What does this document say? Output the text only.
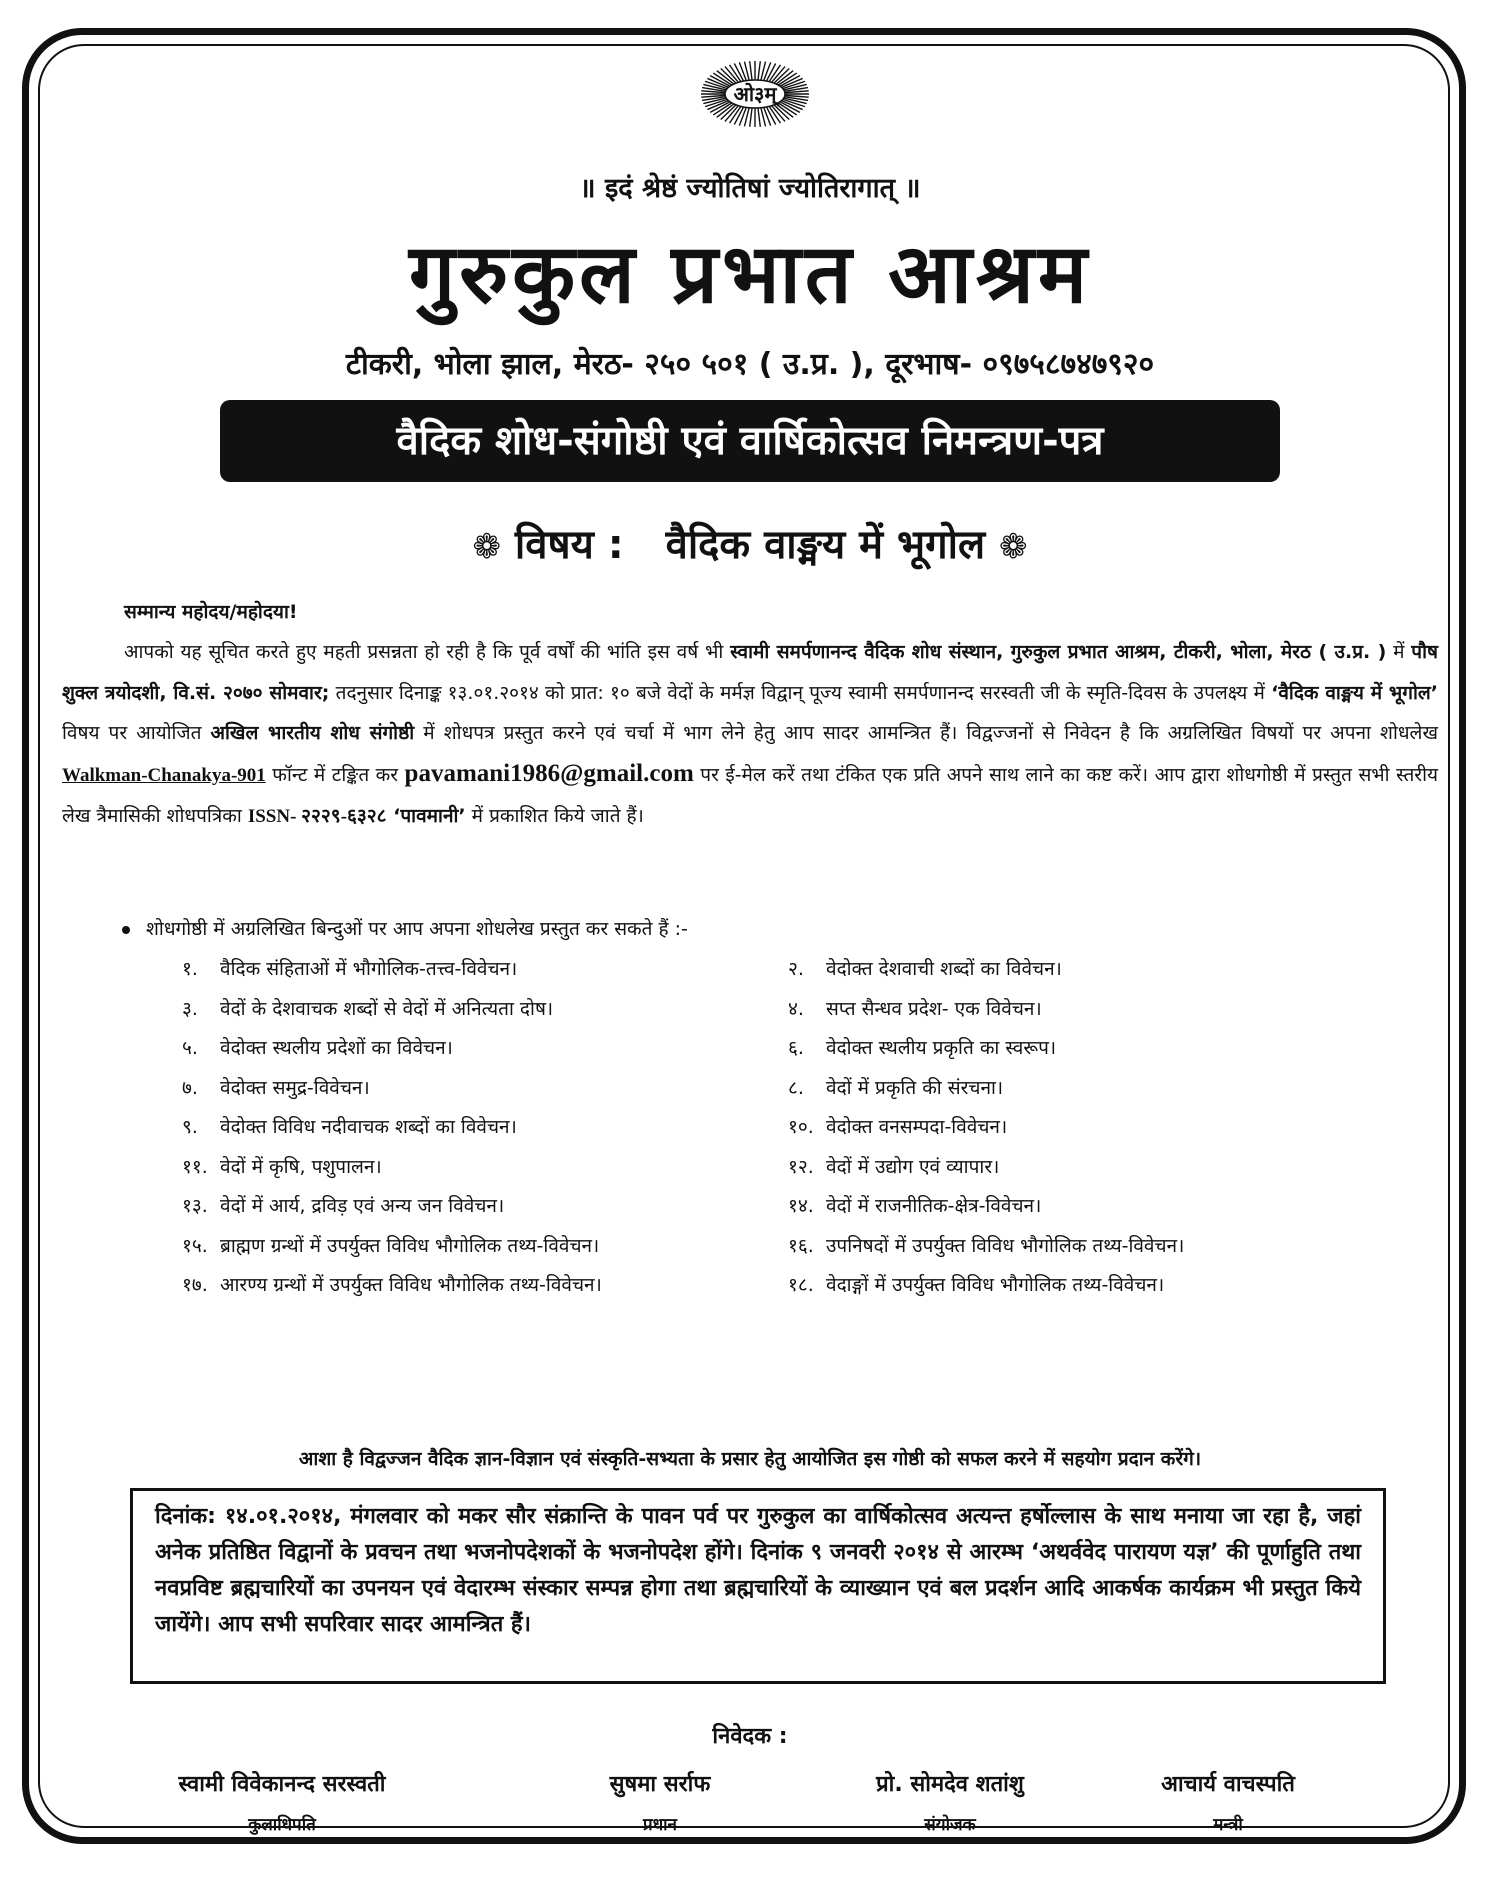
ओ३म्
॥ इदं श्रेष्ठं ज्योतिषां ज्योतिरागात् ॥
गुरुकुल प्रभात आश्रम
टीकरी, भोला झाल, मेरठ- २५० ५०१ ( उ.प्र. ), दूरभाष- ०९७५८७४७९२०
वैदिक शोध-संगोष्ठी एवं वार्षिकोत्सव निमन्त्रण-पत्र
❁ विषय : वैदिक वाङ्मय में भूगोल ❁
सम्मान्य महोदय/महोदया!
आपको यह सूचित करते हुए महती प्रसन्नता हो रही है कि पूर्व वर्षों की भांति इस वर्ष भी स्वामी समर्पणानन्द वैदिक शोध संस्थान, गुरुकुल प्रभात आश्रम, टीकरी, भोला, मेरठ ( उ.प्र. ) में पौष शुक्ल त्रयोदशी, वि.सं. २०७० सोमवार; तदनुसार दिनाङ्क १३.०१.२०१४ को प्रात: १० बजे वेदों के मर्मज्ञ विद्वान् पूज्य स्वामी समर्पणानन्द सरस्वती जी के स्मृति-दिवस के उपलक्ष्य में ‘वैदिक वाङ्मय में भूगोल’ विषय पर आयोजित अखिल भारतीय शोध संगोष्ठी में शोधपत्र प्रस्तुत करने एवं चर्चा में भाग लेने हेतु आप सादर आमन्त्रित हैं। विद्वज्जनों से निवेदन है कि अग्रलिखित विषयों पर अपना शोधलेख Walkman-Chanakya-901 फॉन्ट में टङ्कित कर pavamani1986@gmail.com पर ई-मेल करें तथा टंकित एक प्रति अपने साथ लाने का कष्ट करें। आप द्वारा शोधगोष्ठी में प्रस्तुत सभी स्तरीय लेख त्रैमासिकी शोधपत्रिका ISSN- २२२९-६३२८ ‘पावमानी’ में प्रकाशित किये जाते हैं।
शोधगोष्ठी में अग्रलिखित बिन्दुओं पर आप अपना शोधलेख प्रस्तुत कर सकते हैं :-
१. वैदिक संहिताओं में भौगोलिक-तत्त्व-विवेचन।	२. वेदोक्त देशवाची शब्दों का विवेचन।
३. वेदों के देशवाचक शब्दों से वेदों में अनित्यता दोष।	४. सप्त सैन्धव प्रदेश- एक विवेचन।
५. वेदोक्त स्थलीय प्रदेशों का विवेचन।	६. वेदोक्त स्थलीय प्रकृति का स्वरूप।
७. वेदोक्त समुद्र-विवेचन।	८. वेदों में प्रकृति की संरचना।
९. वेदोक्त विविध नदीवाचक शब्दों का विवेचन।	१०. वेदोक्त वनसम्पदा-विवेचन।
११. वेदों में कृषि, पशुपालन।	१२. वेदों में उद्योग एवं व्यापार।
१३. वेदों में आर्य, द्रविड़ एवं अन्य जन विवेचन।	१४. वेदों में राजनीतिक-क्षेत्र-विवेचन।
१५. ब्राह्मण ग्रन्थों में उपर्युक्त विविध भौगोलिक तथ्य-विवेचन।	१६. उपनिषदों में उपर्युक्त विविध भौगोलिक तथ्य-विवेचन।
१७. आरण्य ग्रन्थों में उपर्युक्त विविध भौगोलिक तथ्य-विवेचन।	१८. वेदाङ्गों में उपर्युक्त विविध भौगोलिक तथ्य-विवेचन।
आशा है विद्वज्जन वैदिक ज्ञान-विज्ञान एवं संस्कृति-सभ्यता के प्रसार हेतु आयोजित इस गोष्ठी को सफल करने में सहयोग प्रदान करेंगे।

दिनांक: १४.०१.२०१४, मंगलवार को मकर सौर संक्रान्ति के पावन पर्व पर गुरुकुल का वार्षिकोत्सव अत्यन्त हर्षोल्लास के साथ मनाया जा रहा है, जहां अनेक प्रतिष्ठित विद्वानों के प्रवचन तथा भजनोपदेशकों के भजनोपदेश होंगे। दिनांक ९ जनवरी २०१४ से आरम्भ ‘अथर्ववेद पारायण यज्ञ’ की पूर्णाहुति तथा नवप्रविष्ट ब्रह्मचारियों का उपनयन एवं वेदारम्भ संस्कार सम्पन्न होगा तथा ब्रह्मचारियों के व्याख्यान एवं बल प्रदर्शन आदि आकर्षक कार्यक्रम भी प्रस्तुत किये जायेंगे। आप सभी सपरिवार सादर आमन्त्रित हैं।

निवेदक :
स्वामी विवेकानन्द सरस्वती
कुलाधिपति
सुषमा सर्राफ
प्रधान
प्रो. सोमदेव शतांशु
संयोजक
आचार्य वाचस्पति
मन्त्री
